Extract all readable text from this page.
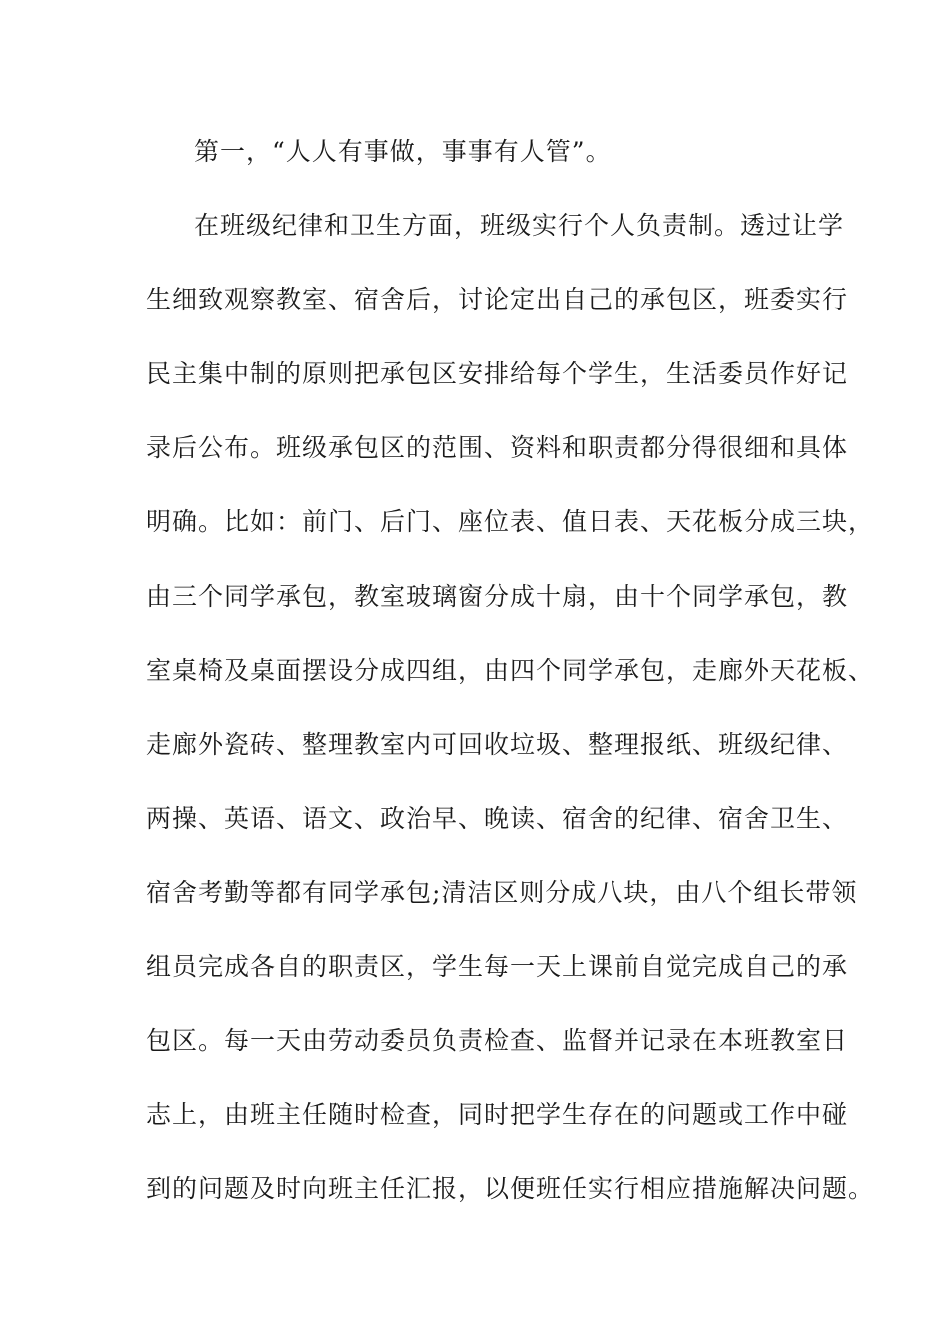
第一，“人人有事做，事事有人管”。
在班级纪律和卫生方面，班级实行个人负责制。透过让学
生细致观察教室、宿舍后，讨论定出自己的承包区，班委实行
民主集中制的原则把承包区安排给每个学生，生活委员作好记
录后公布。班级承包区的范围、资料和职责都分得很细和具体
明确。比如：前门、后门、座位表、值日表、天花板分成三块，
由三个同学承包，教室玻璃窗分成十扇，由十个同学承包，教
室桌椅及桌面摆设分成四组，由四个同学承包，走廊外天花板、
走廊外瓷砖、整理教室内可回收垃圾、整理报纸、班级纪律、
两操、英语、语文、政治早、晚读、宿舍的纪律、宿舍卫生、
宿舍考勤等都有同学承包;清洁区则分成八块，由八个组长带领
组员完成各自的职责区，学生每一天上课前自觉完成自己的承
包区。每一天由劳动委员负责检查、监督并记录在本班教室日
志上，由班主任随时检查，同时把学生存在的问题或工作中碰
到的问题及时向班主任汇报，以便班任实行相应措施解决问题。
